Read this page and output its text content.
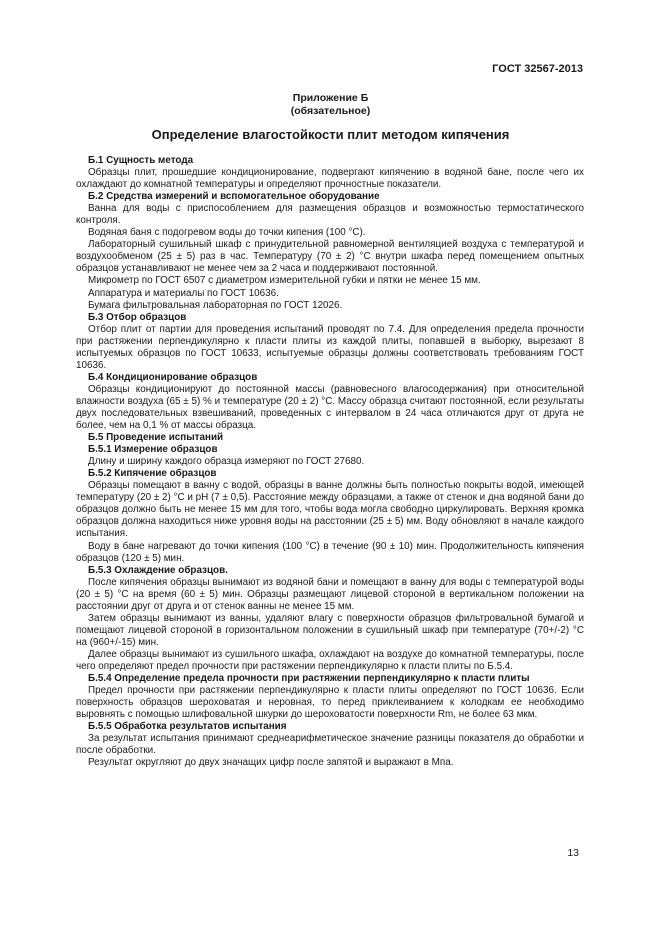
ГОСТ 32567-2013
Приложение Б
(обязательное)
Определение влагостойкости плит методом кипячения

Б.1 Сущность метода

Образцы плит, прошедшие кондиционирование, подвергают кипячению в водяной бане, после чего их охлаждают до комнатной температуры и определяют прочностные показатели.

Б.2 Средства измерений и вспомогательное оборудование

Ванна для воды с приспособлением для размещения образцов и возможностью термостатического контроля.

Водяная баня с подогревом воды до точки кипения (100 °С).

Лабораторный сушильный шкаф с принудительной равномерной вентиляцией воздуха с температурой и воздухообменом (25 ± 5) раз в час. Температуру (70 ± 2) °С внутри шкафа перед помещением опытных образцов устанавливают не менее чем за 2 часа и поддерживают постоянной.

Микрометр по ГОСТ 6507 с диаметром измерительной губки и пятки не менее 15 мм.

Аппаратура и материалы по ГОСТ 10636.

Бумага фильтровальная лабораторная по ГОСТ 12026.

Б.3 Отбор образцов

Отбор плит от партии для проведения испытаний проводят по 7.4. Для определения предела прочности при растяжении перпендикулярно к пласти плиты из каждой плиты, попавшей в выборку, вырезают 8 испытуемых образцов по ГОСТ 10633, испытуемые образцы должны соответствовать требованиям ГОСТ 10636.

Б.4 Кондиционирование образцов

Образцы кондиционируют до постоянной массы (равновесного влагосодержания) при относительной влажности воздуха (65 ± 5) % и температуре (20 ± 2) °С. Массу образца считают постоянной, если результаты двух последовательных взвешиваний, проведенных с интервалом в 24 часа отличаются друг от друга не более, чем на 0,1 % от массы образца.

Б.5 Проведение испытаний

Б.5.1 Измерение образцов

Длину и ширину каждого образца измеряют по ГОСТ 27680.

Б.5.2 Кипячение образцов

Образцы помещают в ванну с водой, образцы в ванне должны быть полностью покрыты водой, имеющей температуру (20 ± 2) °С и рН (7 ± 0,5). Расстояние между образцами, а также от стенок и дна водяной бани до образцов должно быть не менее 15 мм для того, чтобы вода могла свободно циркулировать. Верхняя кромка образцов должна находиться ниже уровня воды на расстоянии (25 ± 5) мм. Воду обновляют в начале каждого испытания.

Воду в бане нагревают до точки кипения (100 °С) в течение (90 ± 10) мин. Продолжительность кипячения образцов (120 ± 5) мин.

Б.5.3 Охлаждение образцов.

После кипячения образцы вынимают из водяной бани и помещают в ванну для воды с температурой воды (20 ± 5) °С на время (60 ± 5) мин. Образцы размещают лицевой стороной в вертикальном положении на расстоянии друг от друга и от стенок ванны не менее 15 мм.

Затем образцы вынимают из ванны, удаляют влагу с поверхности образцов фильтровальной бумагой и помещают лицевой стороной в горизонтальном положении в сушильный шкаф при температуре (70+/-2) °С на (960+/-15) мин.

Далее образцы вынимают из сушильного шкафа, охлаждают на воздухе до комнатной температуры, после чего определяют предел прочности при растяжении перпендикулярно к пласти плиты по Б.5.4.

Б.5.4 Определение предела прочности при растяжении перпендикулярно к пласти плиты

Предел прочности при растяжении перпендикулярно к пласти плиты определяют по ГОСТ 10636. Если поверхность образцов шероховатая и неровная, то перед приклеиванием к колодкам ее необходимо выровнять с помощью шлифовальной шкурки до шероховатости поверхности Rm, не более 63 мкм.

Б.5.5 Обработка результатов испытания

За результат испытания принимают среднеарифметическое значение разницы показателя до обработки и после обработки.

Результат округляют до двух значащих цифр после запятой и выражают в Мпа.

13
